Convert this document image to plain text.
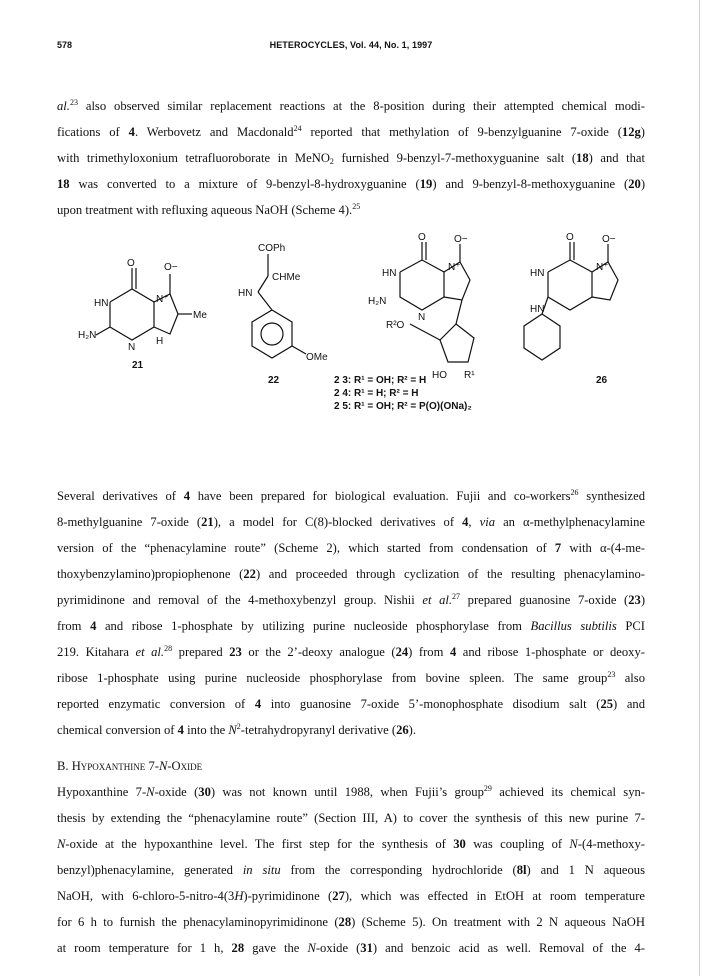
578	HETEROCYCLES, Vol. 44, No. 1, 1997
al.$^{23}$ also observed similar replacement reactions at the 8-position during their attempted chemical modi-
fications of 4. Werbovetz and Macdonald$^{24}$ reported that methylation of 9-benzylguanine 7-oxide (12g)
with trimethyloxonium tetrafluoroborate in MeNO$_2$ furnished 9-benzyl-7-methoxyguanine salt (18) and that
18 was converted to a mixture of 9-benzyl-8-hydroxyguanine (19) and 9-benzyl-8-methoxyguanine (20)
upon treatment with refluxing aqueous NaOH (Scheme 4).$^{25}$
O	O−
HN	N⁺
Me
H₂N
N
H
21
COPh
CHMe
HN
OMe
22
O	O−
HN
N⁺
H₂N
N
R²O
HO R¹
O	O−
HN
N⁺
HN
26
2 3: R¹ = OH; R² = H
2 4: R¹ = H; R² = H
2 5: R¹ = OH; R² = P(O)(ONa)₂
Several derivatives of 4 have been prepared for biological evaluation. Fujii and co-workers$^{26}$ synthesized
8-methylguanine 7-oxide (21), a model for C(8)-blocked derivatives of 4, via an α-methylphenacylamine
version of the “phenacylamine route” (Scheme 2), which started from condensation of 7 with α-(4-me-
thoxybenzylamino)propiophenone (22) and proceeded through cyclization of the resulting phenacylamino-
pyrimidinone and removal of the 4-methoxybenzyl group. Nishii et al.$^{27}$ prepared guanosine 7-oxide (23)
from 4 and ribose 1-phosphate by utilizing purine nucleoside phosphorylase from Bacillus subtilis PCI
219. Kitahara et al.$^{28}$ prepared 23 or the 2’-deoxy analogue (24) from 4 and ribose 1-phosphate or deoxy-
ribose 1-phosphate using purine nucleoside phosphorylase from bovine spleen. The same group$^{23}$ also
reported enzymatic conversion of 4 into guanosine 7-oxide 5’-monophosphate disodium salt (25) and
chemical conversion of 4 into the $N^2$-tetrahydropyranyl derivative (26).
B. Hypoxanthine 7-N-Oxide
Hypoxanthine 7-N-oxide (30) was not known until 1988, when Fujii’s group$^{29}$ achieved its chemical syn-
thesis by extending the “phenacylamine route” (Section III, A) to cover the synthesis of this new purine 7-
N-oxide at the hypoxanthine level. The first step for the synthesis of 30 was coupling of N-(4-methoxy-
benzyl)phenacylamine, generated in situ from the corresponding hydrochloride (8l) and 1 N aqueous
NaOH, with 6-chloro-5-nitro-4(3H)-pyrimidinone (27), which was effected in EtOH at room temperature
for 6 h to furnish the phenacylaminopyrimidinone (28) (Scheme 5). On treatment with 2 N aqueous NaOH
at room temperature for 1 h, 28 gave the N-oxide (31) and benzoic acid as well. Removal of the 4-
